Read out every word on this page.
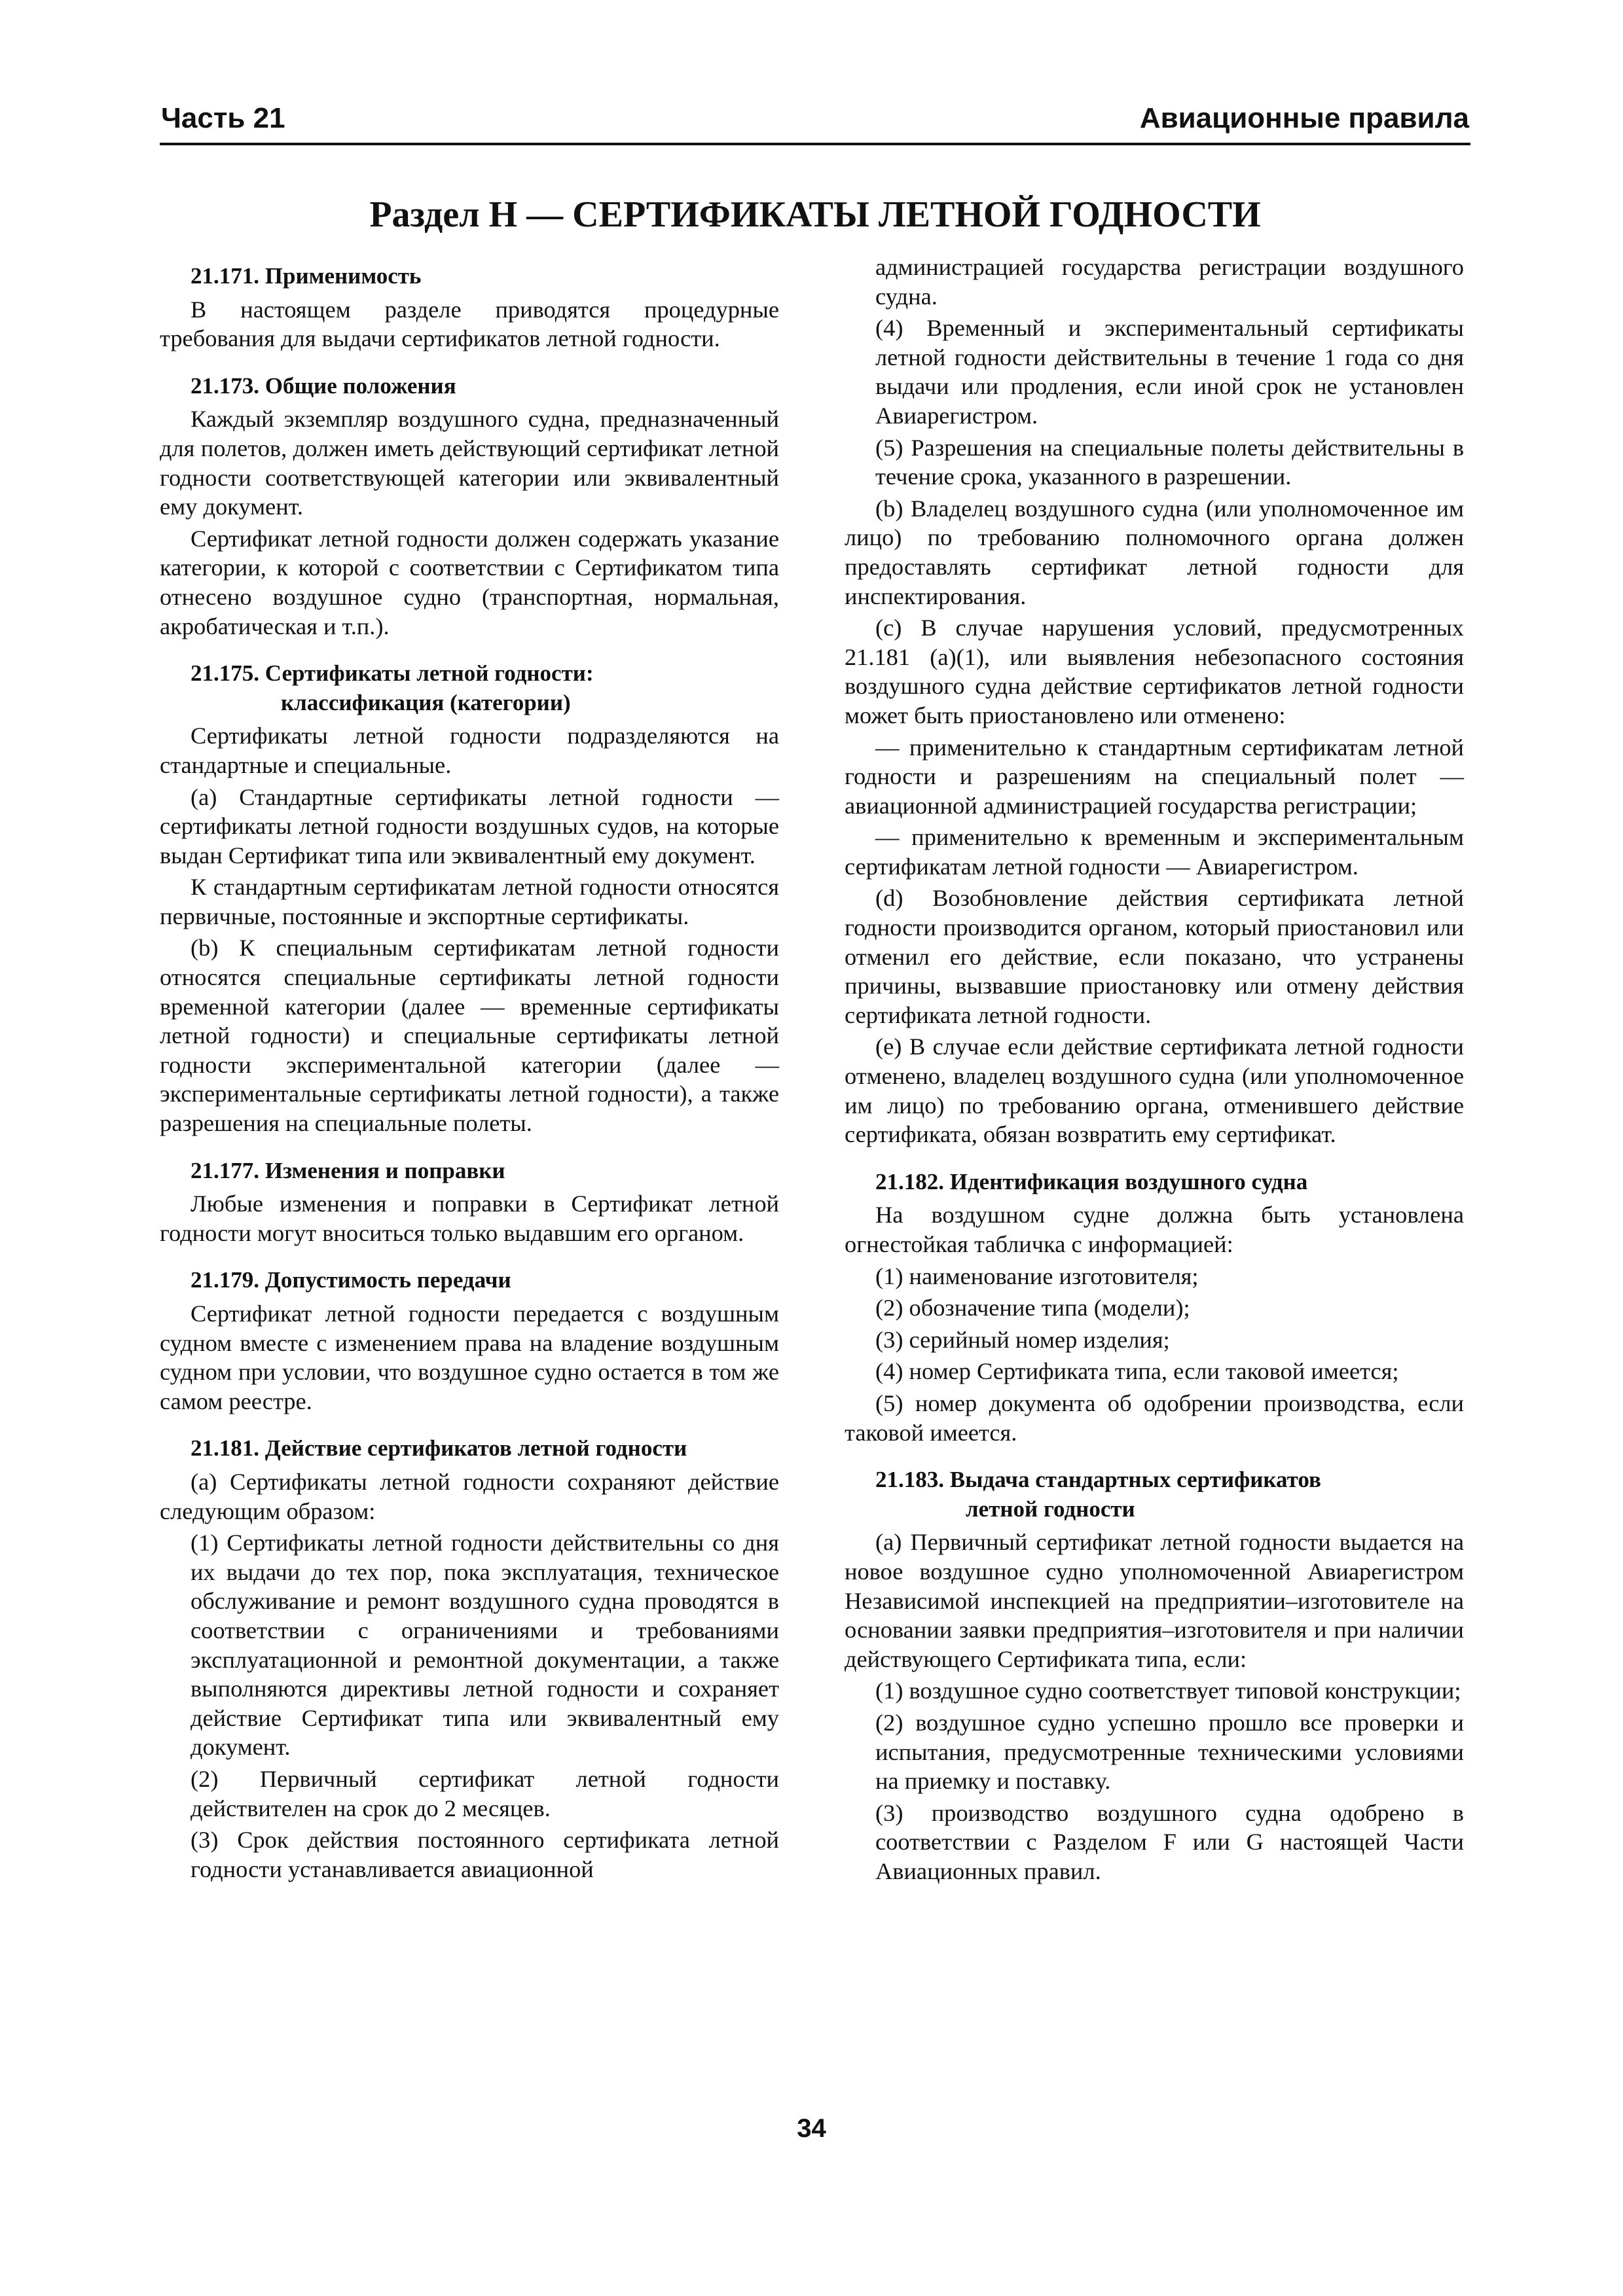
Часть 21	Авиационные правила
Раздел Н — СЕРТИФИКАТЫ ЛЕТНОЙ ГОДНОСТИ
21.171. Применимость
В настоящем разделе приводятся процедурные требования для выдачи сертификатов летной годности.
21.173. Общие положения
Каждый экземпляр воздушного судна, предназначенный для полетов, должен иметь действующий сертификат летной годности соответствующей категории или эквивалентный ему документ.
Сертификат летной годности должен содержать указание категории, к которой с соответствии с Сертификатом типа отнесено воздушное судно (транспортная, нормальная, акробатическая и т.п.).
21.175. Сертификаты летной годности:
классификация (категории)
Сертификаты летной годности подразделяются на стандартные и специальные.
(a) Стандартные сертификаты летной годности — сертификаты летной годности воздушных судов, на которые выдан Сертификат типа или эквивалентный ему документ.
К стандартным сертификатам летной годности относятся первичные, постоянные и экспортные сертификаты.
(b) К специальным сертификатам летной годности относятся специальные сертификаты летной годности временной категории (далее — временные сертификаты летной годности) и специальные сертификаты летной годности экспериментальной категории (далее — экспериментальные сертификаты летной годности), а также разрешения на специальные полеты.
21.177. Изменения и поправки
Любые изменения и поправки в Сертификат летной годности могут вноситься только выдавшим его органом.
21.179. Допустимость передачи
Сертификат летной годности передается с воздушным судном вместе с изменением права на владение воздушным судном при условии, что воздушное судно остается в том же самом реестре.
21.181. Действие сертификатов летной годности
(a) Сертификаты летной годности сохраняют действие следующим образом:
(1) Сертификаты летной годности действительны со дня их выдачи до тех пор, пока эксплуатация, техническое обслуживание и ремонт воздушного судна проводятся в соответствии с ограничениями и требованиями эксплуатационной и ремонтной документации, а также выполняются директивы летной годности и сохраняет действие Сертификат типа или эквивалентный ему документ.
(2) Первичный сертификат летной годности действителен на срок до 2 месяцев.
(3) Срок действия постоянного сертификата летной годности устанавливается авиационной
администрацией государства регистрации воздушного судна.
(4) Временный и экспериментальный сертификаты летной годности действительны в течение 1 года со дня выдачи или продления, если иной срок не установлен Авиарегистром.
(5) Разрешения на специальные полеты действительны в течение срока, указанного в разрешении.
(b) Владелец воздушного судна (или уполномоченное им лицо) по требованию полномочного органа должен предоставлять сертификат летной годности для инспектирования.
(c) В случае нарушения условий, предусмотренных 21.181 (a)(1), или выявления небезопасного состояния воздушного судна действие сертификатов летной годности может быть приостановлено или отменено:
— применительно к стандартным сертификатам летной годности и разрешениям на специальный полет — авиационной администрацией государства регистрации;
— применительно к временным и экспериментальным сертификатам летной годности — Авиарегистром.
(d) Возобновление действия сертификата летной годности производится органом, который приостановил или отменил его действие, если показано, что устранены причины, вызвавшие приостановку или отмену действия сертификата летной годности.
(e) В случае если действие сертификата летной годности отменено, владелец воздушного судна (или уполномоченное им лицо) по требованию органа, отменившего действие сертификата, обязан возвратить ему сертификат.
21.182. Идентификация воздушного судна
На воздушном судне должна быть установлена огнестойкая табличка с информацией:
(1) наименование изготовителя;
(2) обозначение типа (модели);
(3) серийный номер изделия;
(4) номер Сертификата типа, если таковой имеется;
(5) номер документа об одобрении производства, если таковой имеется.
21.183. Выдача стандартных сертификатов
летной годности
(a) Первичный сертификат летной годности выдается на новое воздушное судно уполномоченной Авиарегистром Независимой инспекцией на предприятии–изготовителе на основании заявки предприятия–изготовителя и при наличии действующего Сертификата типа, если:
(1) воздушное судно соответствует типовой конструкции;
(2) воздушное судно успешно прошло все проверки и испытания, предусмотренные техническими условиями на приемку и поставку.
(3) производство воздушного судна одобрено в соответствии с Разделом F или G настоящей Части Авиационных правил.
34
